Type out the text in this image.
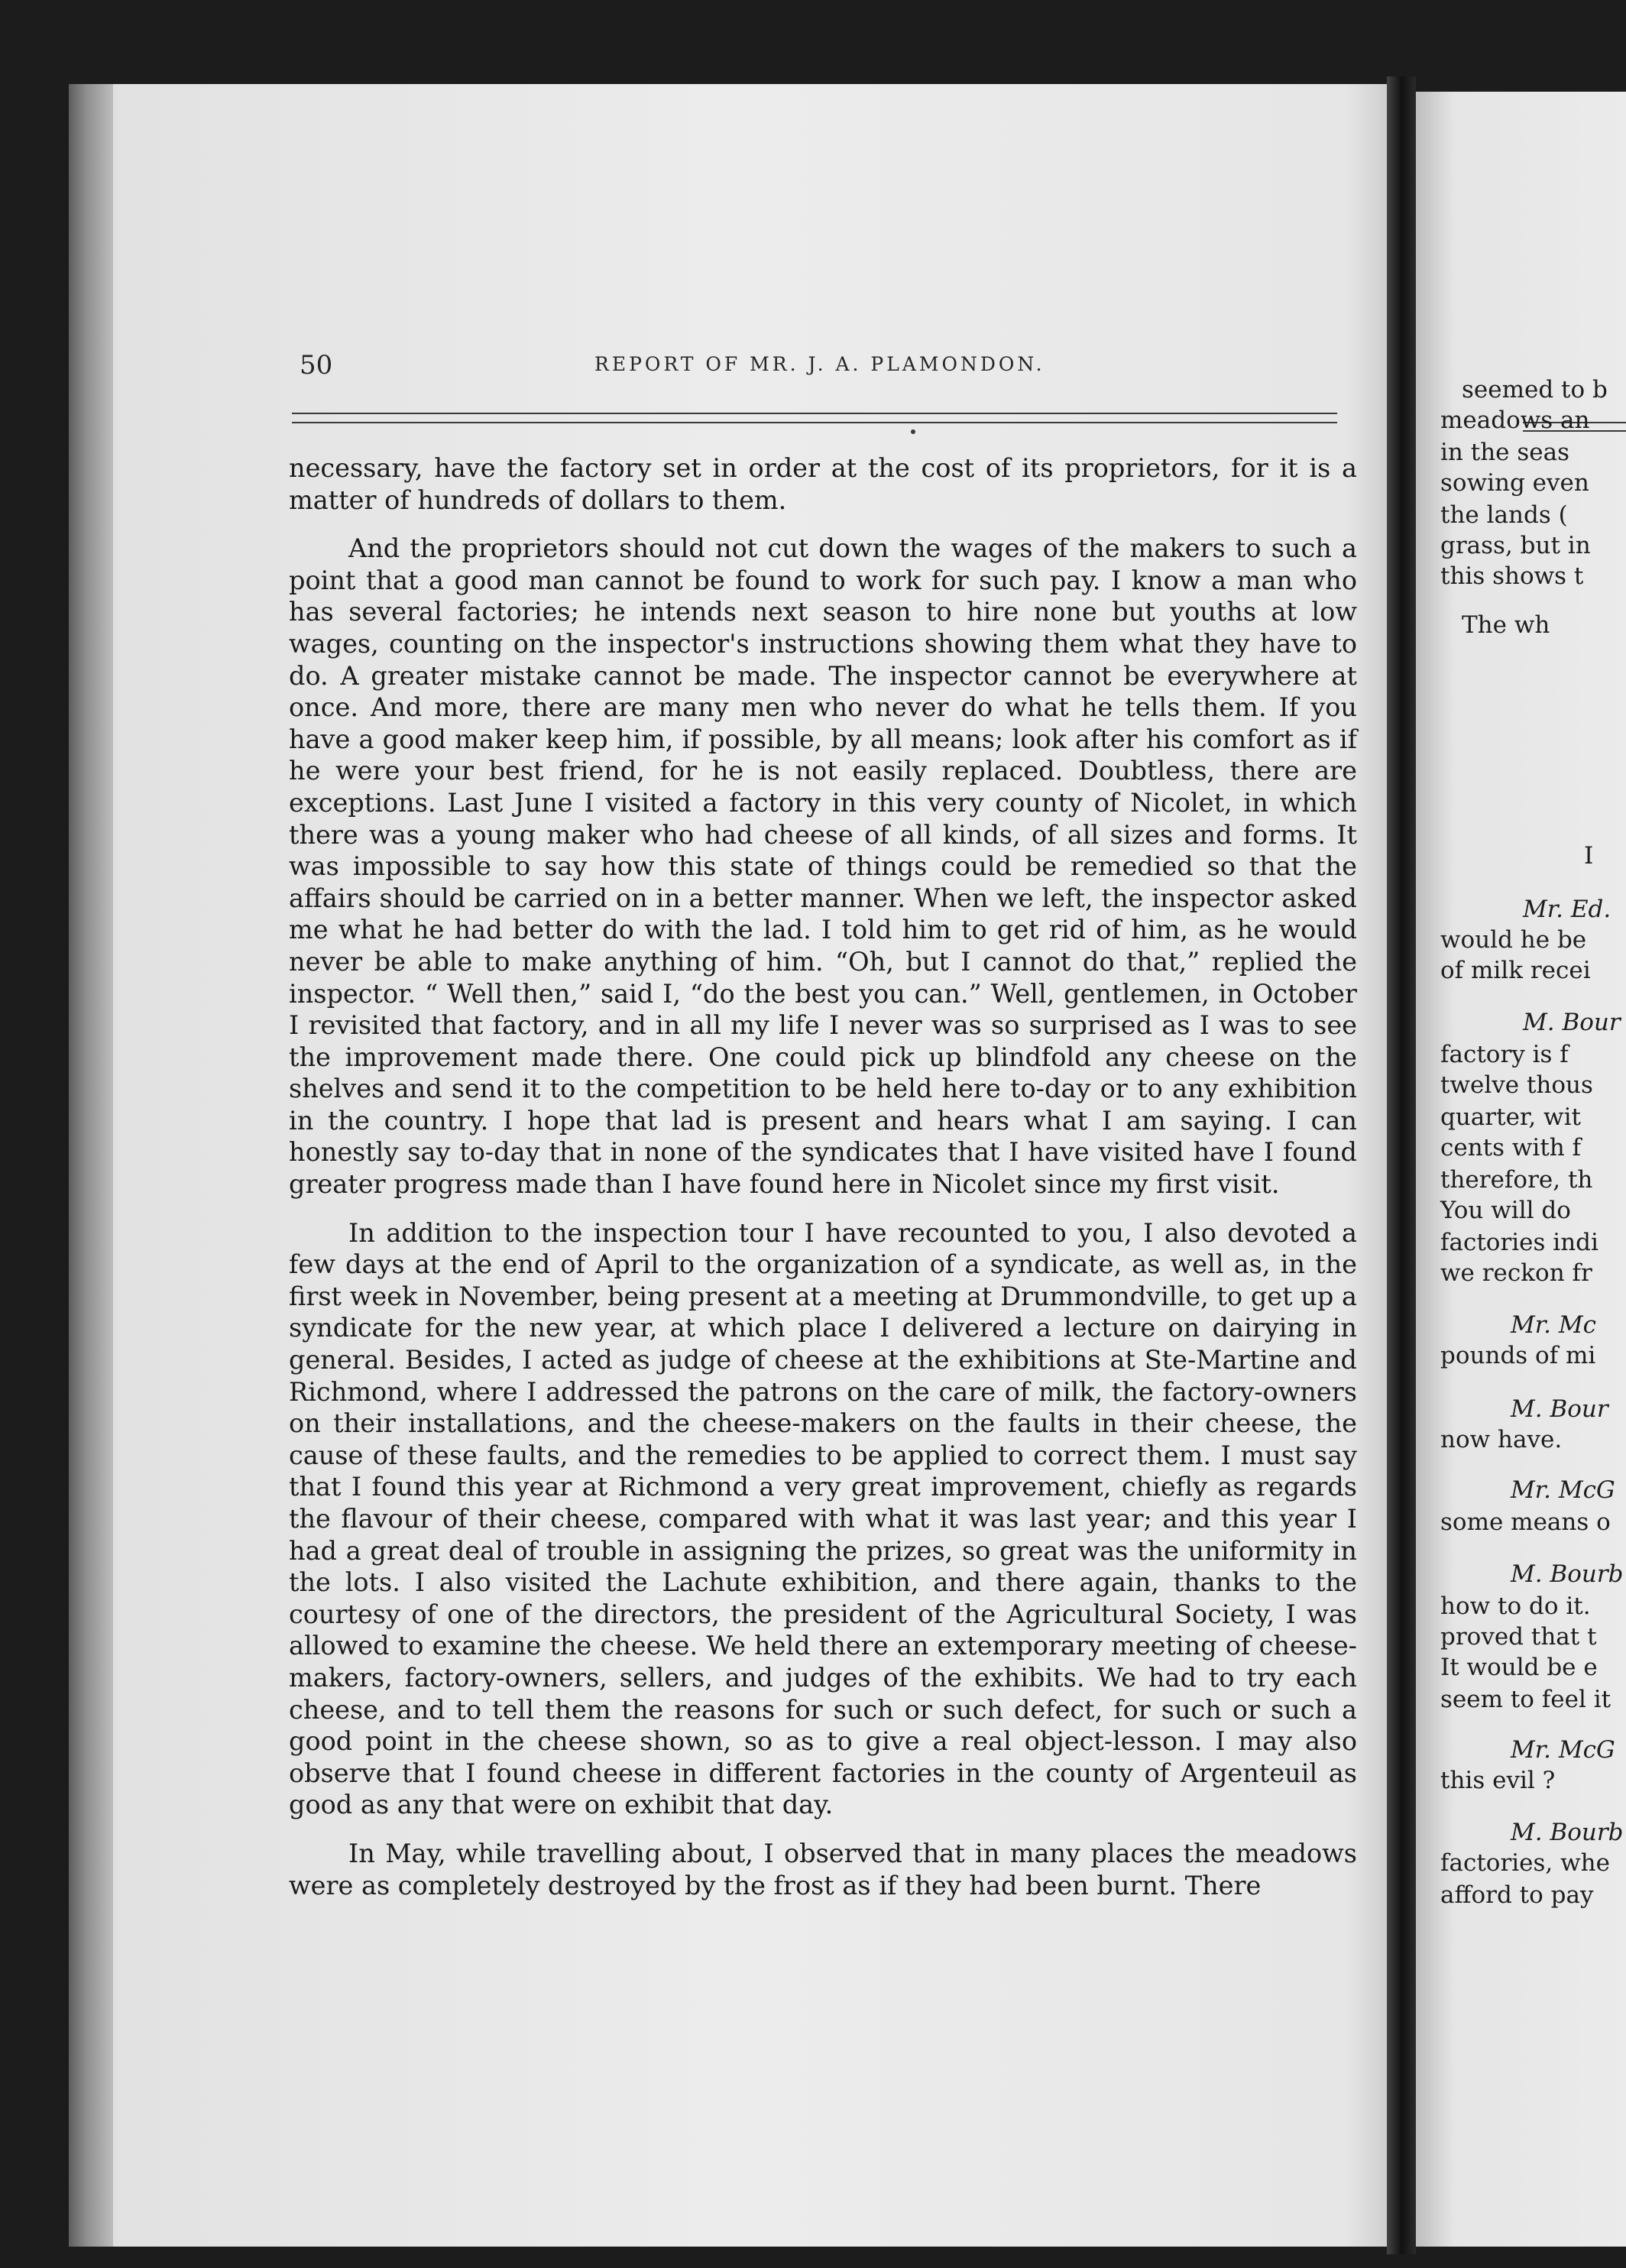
50	REPORT OF MR. J. A. PLAMONDON.

necessary, have the factory set in order at the cost of its proprietors, for it is a matter of hundreds of dollars to them.

And the proprietors should not cut down the wages of the makers to such a point that a good man cannot be found to work for such pay. I know a man who has several factories; he intends next season to hire none but youths at low wages, counting on the inspector's instructions showing them what they have to do. A greater mistake cannot be made. The inspector cannot be everywhere at once. And more, there are many men who never do what he tells them. If you have a good maker keep him, if possible, by all means; look after his comfort as if he were your best friend, for he is not easily replaced. Doubtless, there are exceptions. Last June I visited a factory in this very county of Nicolet, in which there was a young maker who had cheese of all kinds, of all sizes and forms. It was impossible to say how this state of things could be remedied so that the affairs should be carried on in a better manner. When we left, the inspector asked me what he had better do with the lad. I told him to get rid of him, as he would never be able to make anything of him. “Oh, but I cannot do that,” replied the inspector. “ Well then,” said I, “do the best you can.” Well, gentlemen, in October I revisited that factory, and in all my life I never was so surprised as I was to see the improvement made there. One could pick up blindfold any cheese on the shelves and send it to the competition to be held here to-day or to any exhibition in the country. I hope that lad is present and hears what I am saying. I can honestly say to-day that in none of the syndicates that I have visited have I found greater progress made than I have found here in Nicolet since my first visit.

In addition to the inspection tour I have recounted to you, I also devoted a few days at the end of April to the organization of a syndicate, as well as, in the first week in November, being present at a meeting at Drummondville, to get up a syndicate for the new year, at which place I delivered a lecture on dairying in general. Besides, I acted as judge of cheese at the exhibitions at Ste-Martine and Richmond, where I addressed the patrons on the care of milk, the factory-owners on their installations, and the cheese-makers on the faults in their cheese, the cause of these faults, and the remedies to be applied to correct them. I must say that I found this year at Richmond a very great improvement, chiefly as regards the flavour of their cheese, compared with what it was last year; and this year I had a great deal of trouble in assigning the prizes, so great was the uniformity in the lots. I also visited the Lachute exhibition, and there again, thanks to the courtesy of one of the directors, the president of the Agricultural Society, I was allowed to examine the cheese. We held there an extemporary meeting of cheese-makers, factory-owners, sellers, and judges of the exhibits. We had to try each cheese, and to tell them the reasons for such or such defect, for such or such a good point in the cheese shown, so as to give a real object-lesson. I may also observe that I found cheese in different factories in the county of Argenteuil as good as any that were on exhibit that day.

In May, while travelling about, I observed that in many places the meadows were as completely destroyed by the frost as if they had been burnt. There

seemed to b
meadows an
in the seas
sowing even
the lands (
grass, but in
this shows t
The wh
I
Mr. Ed.
would he be
of milk recei
M. Bour
factory is f
twelve thous
quarter, wit
cents with f
therefore, th
You will do
factories indi
we reckon fr
Mr. Mc
pounds of mi
M. Bour
now have.
Mr. McG
some means o
M. Bourb
how to do it.
proved that t
It would be e
seem to feel it
Mr. McG
this evil ?
M. Bourb
factories, whe
afford to pay
